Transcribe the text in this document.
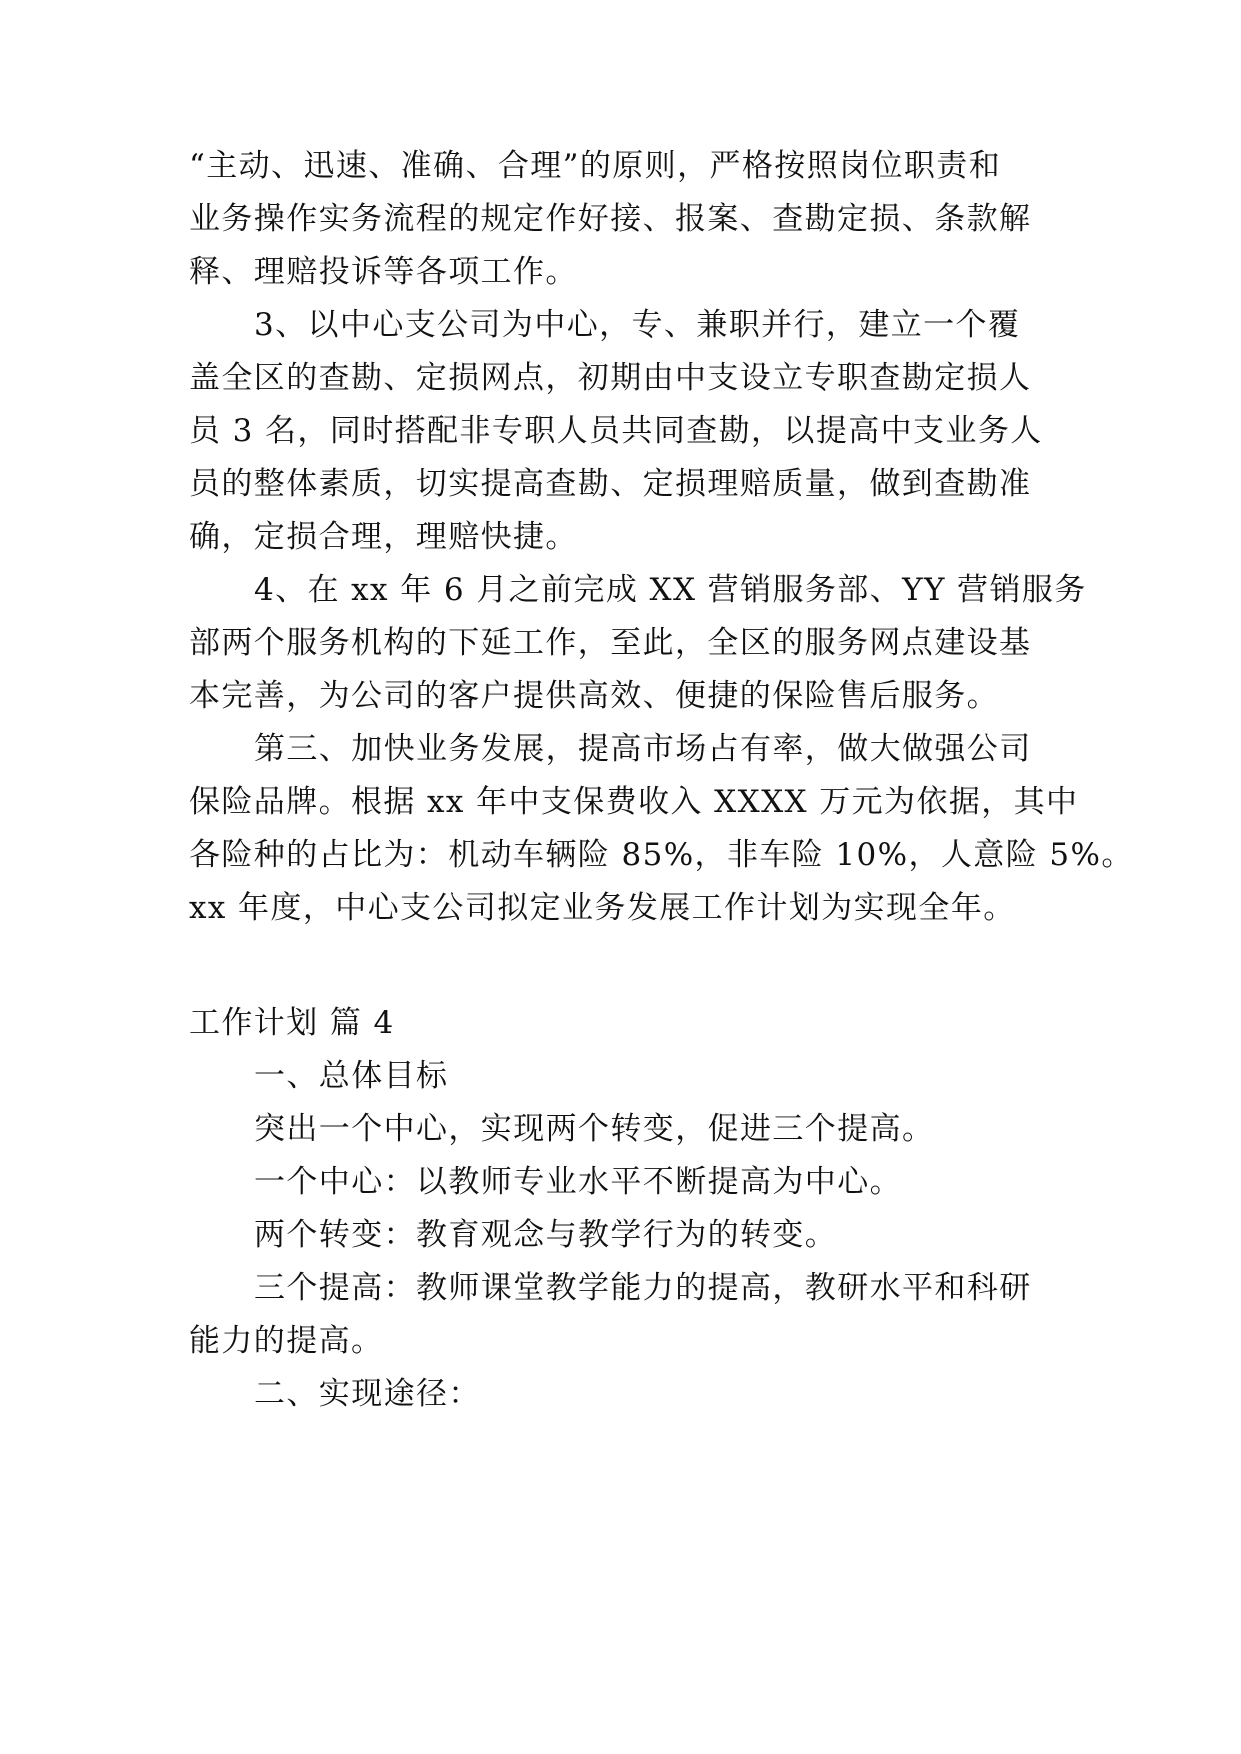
“主动、迅速、准确、合理”的原则，严格按照岗位职责和
业务操作实务流程的规定作好接、报案、查勘定损、条款解
释、理赔投诉等各项工作。
3、以中心支公司为中心，专、兼职并行，建立一个覆
盖全区的查勘、定损网点，初期由中支设立专职查勘定损人
员 3 名，同时搭配非专职人员共同查勘，以提高中支业务人
员的整体素质，切实提高查勘、定损理赔质量，做到查勘准
确，定损合理，理赔快捷。
4、在 xx 年 6 月之前完成 XX 营销服务部、YY 营销服务
部两个服务机构的下延工作，至此，全区的服务网点建设基
本完善，为公司的客户提供高效、便捷的保险售后服务。
第三、加快业务发展，提高市场占有率，做大做强公司
保险品牌。根据 xx 年中支保费收入 XXXX 万元为依据，其中
各险种的占比为：机动车辆险 85%，非车险 10%，人意险 5%。
xx 年度，中心支公司拟定业务发展工作计划为实现全年。
工作计划 篇 4
一、总体目标
突出一个中心，实现两个转变，促进三个提高。
一个中心：以教师专业水平不断提高为中心。
两个转变：教育观念与教学行为的转变。
三个提高：教师课堂教学能力的提高，教研水平和科研
能力的提高。
二、实现途径：
